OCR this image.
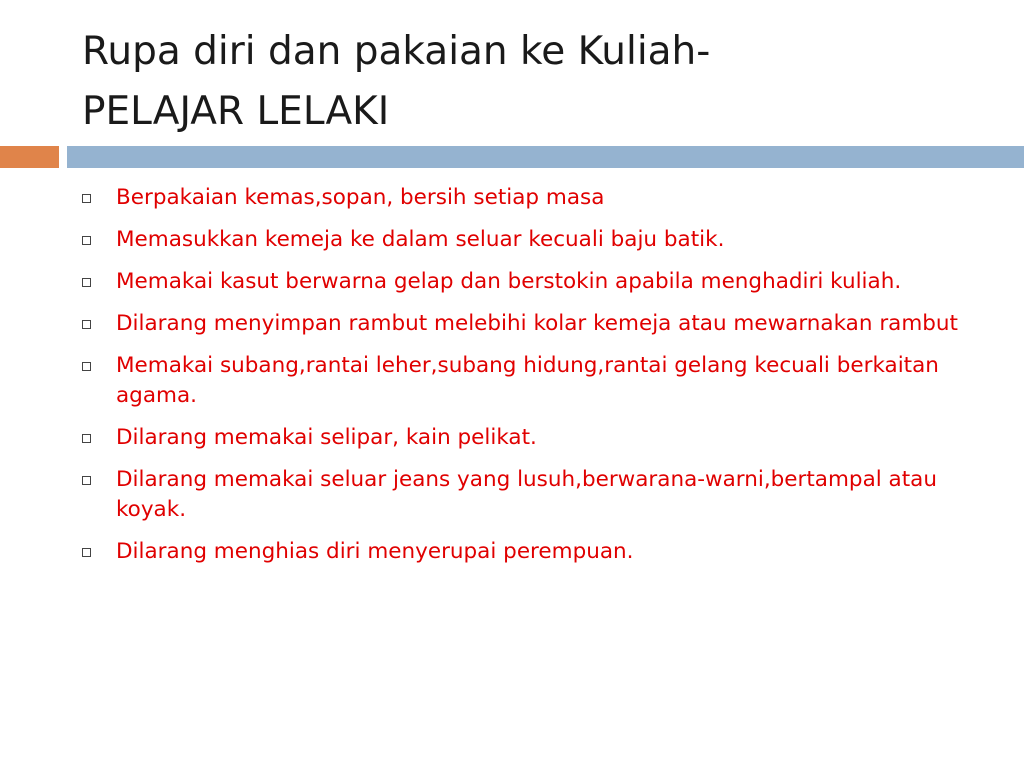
Rupa diri dan pakaian ke Kuliah-
PELAJAR LELAKI
Berpakaian kemas,sopan, bersih setiap masa
Memasukkan kemeja ke dalam seluar kecuali baju batik.
Memakai kasut berwarna gelap dan berstokin apabila menghadiri kuliah.
Dilarang menyimpan rambut melebihi kolar kemeja atau mewarnakan rambut
Memakai subang,rantai leher,subang hidung,rantai gelang kecuali berkaitan agama.
Dilarang memakai selipar, kain pelikat.
Dilarang memakai seluar jeans yang lusuh,berwarana-warni,bertampal atau koyak.
Dilarang menghias diri menyerupai perempuan.
